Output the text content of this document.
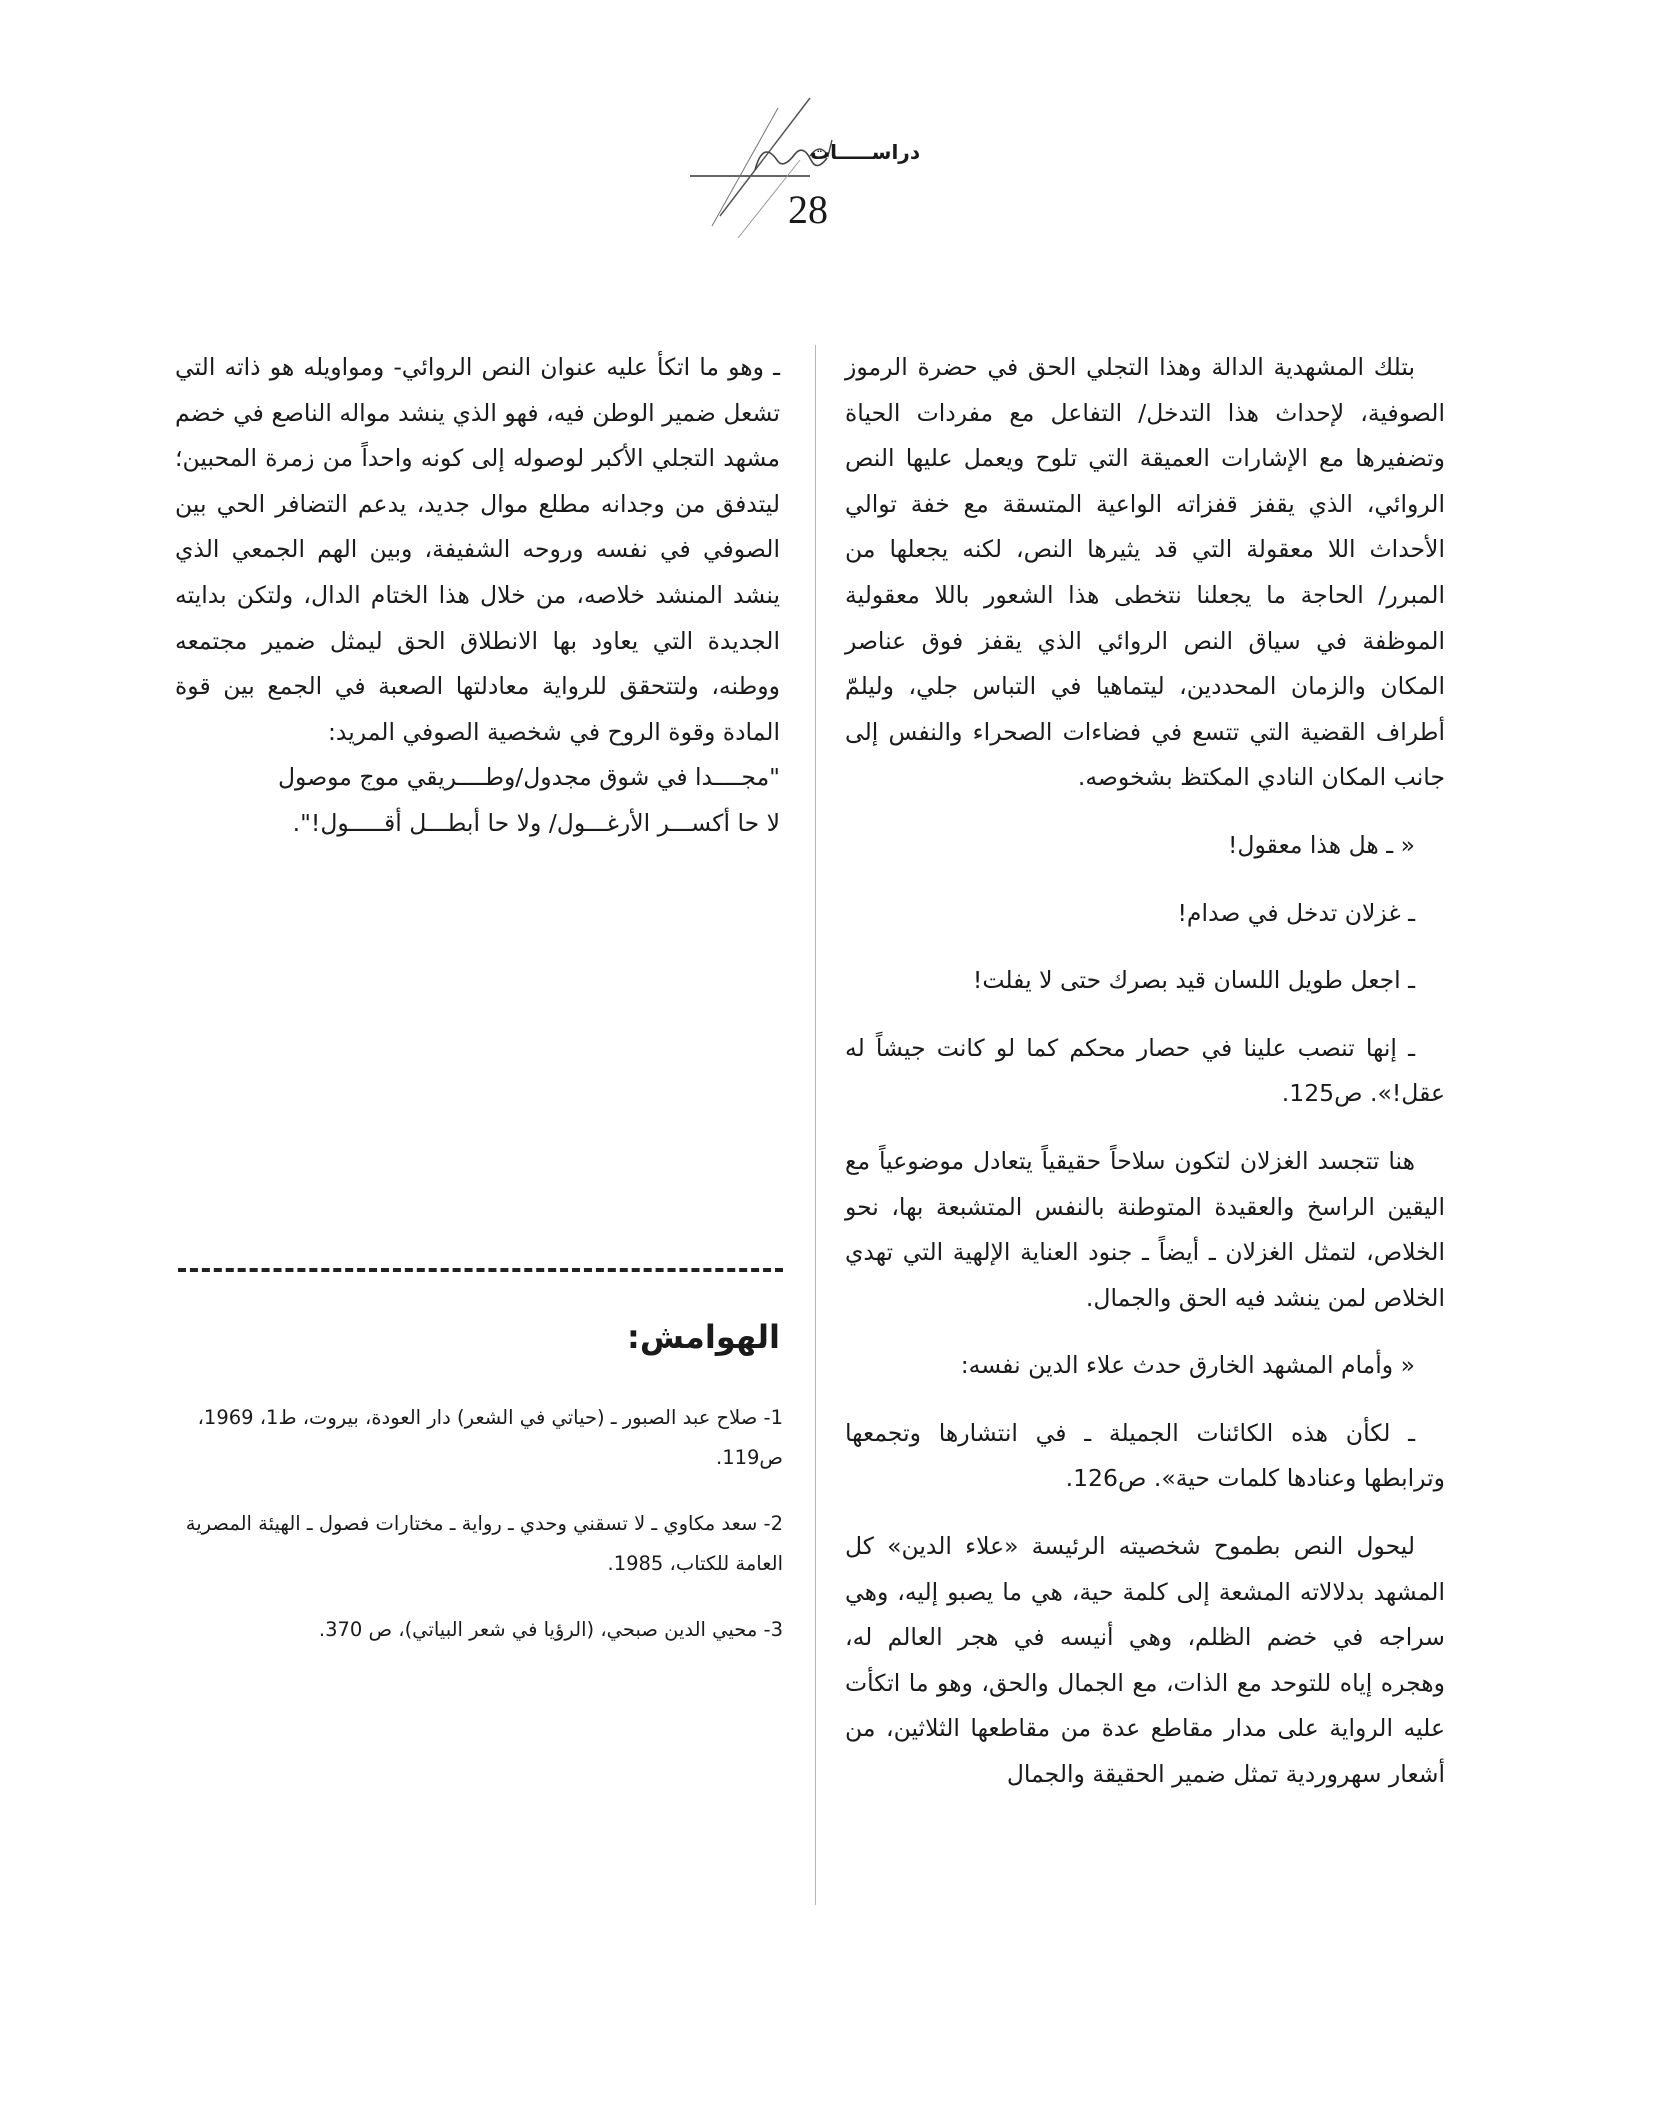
دراســـــات
28

بتلك المشهدية الدالة وهذا التجلي الحق في حضرة الرموز الصوفية، لإحداث هذا التدخل/ التفاعل مع مفردات الحياة وتضفيرها مع الإشارات العميقة التي تلوح ويعمل عليها النص الروائي، الذي يقفز قفزاته الواعية المتسقة مع خفة توالي الأحداث اللا معقولة التي قد يثيرها النص، لكنه يجعلها من المبرر/ الحاجة ما يجعلنا نتخطى هذا الشعور باللا معقولية الموظفة في سياق النص الروائي الذي يقفز فوق عناصر المكان والزمان المحددين، ليتماهيا في التباس جلي، وليلمّ أطراف القضية التي تتسع في فضاءات الصحراء والنفس إلى جانب المكان النادي المكتظ بشخوصه.

« ـ هل هذا معقول!

ـ غزلان تدخل في صدام!

ـ اجعل طويل اللسان قيد بصرك حتى لا يفلت!

ـ إنها تنصب علينا في حصار محكم كما لو كانت جيشاً له عقل!». ص125.

هنا تتجسد الغزلان لتكون سلاحاً حقيقياً يتعادل موضوعياً مع اليقين الراسخ والعقيدة المتوطنة بالنفس المتشبعة بها، نحو الخلاص، لتمثل الغزلان ـ أيضاً ـ جنود العناية الإلهية التي تهدي الخلاص لمن ينشد فيه الحق والجمال.

« وأمام المشهد الخارق حدث علاء الدين نفسه:

ـ لكأن هذه الكائنات الجميلة ـ في انتشارها وتجمعها وترابطها وعنادها كلمات حية». ص126.

ليحول النص بطموح شخصيته الرئيسة «علاء الدين» كل المشهد بدلالاته المشعة إلى كلمة حية، هي ما يصبو إليه، وهي سراجه في خضم الظلم، وهي أنيسه في هجر العالم له، وهجره إياه للتوحد مع الذات، مع الجمال والحق، وهو ما اتكأت عليه الرواية على مدار مقاطع عدة من مقاطعها الثلاثين، من أشعار سهروردية تمثل ضمير الحقيقة والجمال

ـ وهو ما اتكأ عليه عنوان النص الروائي- ومواويله هو ذاته التي تشعل ضمير الوطن فيه، فهو الذي ينشد مواله الناصع في خضم مشهد التجلي الأكبر لوصوله إلى كونه واحداً من زمرة المحبين؛ ليتدفق من وجدانه مطلع موال جديد، يدعم التضافر الحي بين الصوفي في نفسه وروحه الشفيفة، وبين الهم الجمعي الذي ينشد المنشد خلاصه، من خلال هذا الختام الدال، ولتكن بدايته الجديدة التي يعاود بها الانطلاق الحق ليمثل ضمير مجتمعه ووطنه، ولتتحقق للرواية معادلتها الصعبة في الجمع بين قوة المادة وقوة الروح في شخصية الصوفي المريد:

"مجــــدا في شوق مجدول/وطــــريقي موج موصول

لا حا أكســـر الأرغـــول/ ولا حا أبطـــل أقـــــول!".

الهوامش:

1- صلاح عبد الصبور ـ (حياتي في الشعر) دار العودة، بيروت، ط1، 1969، ص119.

2- سعد مكاوي ـ لا تسقني وحدي ـ رواية ـ مختارات فصول ـ الهيئة المصرية العامة للكتاب، 1985.

3- محيي الدين صبحي، (الرؤيا في شعر البياتي)، ص 370.
